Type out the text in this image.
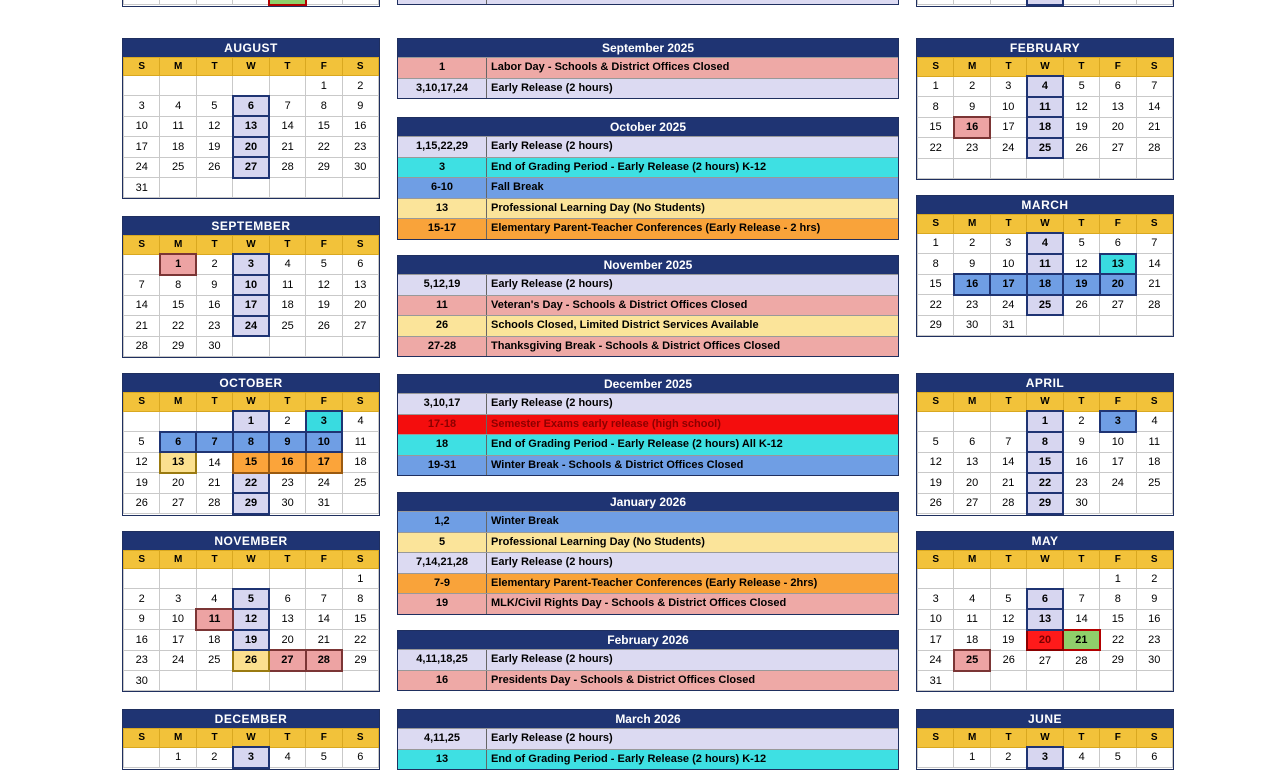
AUGUST
S	M	T	W	T	F	S
					1	2
3	4	5	6	7	8	9
10	11	12	13	14	15	16
17	18	19	20	21	22	23
24	25	26	27	28	29	30
31						
SEPTEMBER
S	M	T	W	T	F	S
	1	2	3	4	5	6
7	8	9	10	11	12	13
14	15	16	17	18	19	20
21	22	23	24	25	26	27
28	29	30				
OCTOBER
S	M	T	W	T	F	S
			1	2	3	4
5	6	7	8	9	10	11
12	13	14	15	16	17	18
19	20	21	22	23	24	25
26	27	28	29	30	31	
NOVEMBER
S	M	T	W	T	F	S
						1
2	3	4	5	6	7	8
9	10	11	12	13	14	15
16	17	18	19	20	21	22
23	24	25	26	27	28	29
30						
DECEMBER
S	M	T	W	T	F	S
	1	2	3	4	5	6

FEBRUARY
S	M	T	W	T	F	S
1	2	3	4	5	6	7
8	9	10	11	12	13	14
15	16	17	18	19	20	21
22	23	24	25	26	27	28

MARCH
S	M	T	W	T	F	S
1	2	3	4	5	6	7
8	9	10	11	12	13	14
15	16	17	18	19	20	21
22	23	24	25	26	27	28
29	30	31				
APRIL
S	M	T	W	T	F	S
			1	2	3	4
5	6	7	8	9	10	11
12	13	14	15	16	17	18
19	20	21	22	23	24	25
26	27	28	29	30		
MAY
S	M	T	W	T	F	S
					1	2
3	4	5	6	7	8	9
10	11	12	13	14	15	16
17	18	19	20	21	22	23
24	25	26	27	28	29	30
31						
JUNE
S	M	T	W	T	F	S
	1	2	3	4	5	6
September 2025
1	Labor Day - Schools & District Offices Closed
3,10,17,24	Early Release (2 hours)
October 2025
1,15,22,29	Early Release (2 hours)
3	End of Grading Period - Early Release (2 hours) K-12
6-10	Fall Break
13	Professional Learning Day (No Students)
15-17	Elementary Parent-Teacher Conferences (Early Release - 2 hrs)
November 2025
5,12,19	Early Release (2 hours)
11	Veteran's Day - Schools & District Offices Closed
26	Schools Closed, Limited District Services Available
27-28	Thanksgiving Break - Schools & District Offices Closed
December 2025
3,10,17	Early Release (2 hours)
17-18	Semester Exams early release (high school)
18	End of Grading Period - Early Release (2 hours) All K-12
19-31	Winter Break - Schools & District Offices Closed
January 2026
1,2	Winter Break
5	Professional Learning Day (No Students)
7,14,21,28	Early Release (2 hours)
7-9	Elementary Parent-Teacher Conferences (Early Release - 2hrs)
19	MLK/Civil Rights Day - Schools & District Offices Closed
February 2026
4,11,18,25	Early Release (2 hours)
16	Presidents Day - Schools & District Offices Closed
March 2026
4,11,25	Early Release (2 hours)
13	End of Grading Period - Early Release (2 hours) K-12
